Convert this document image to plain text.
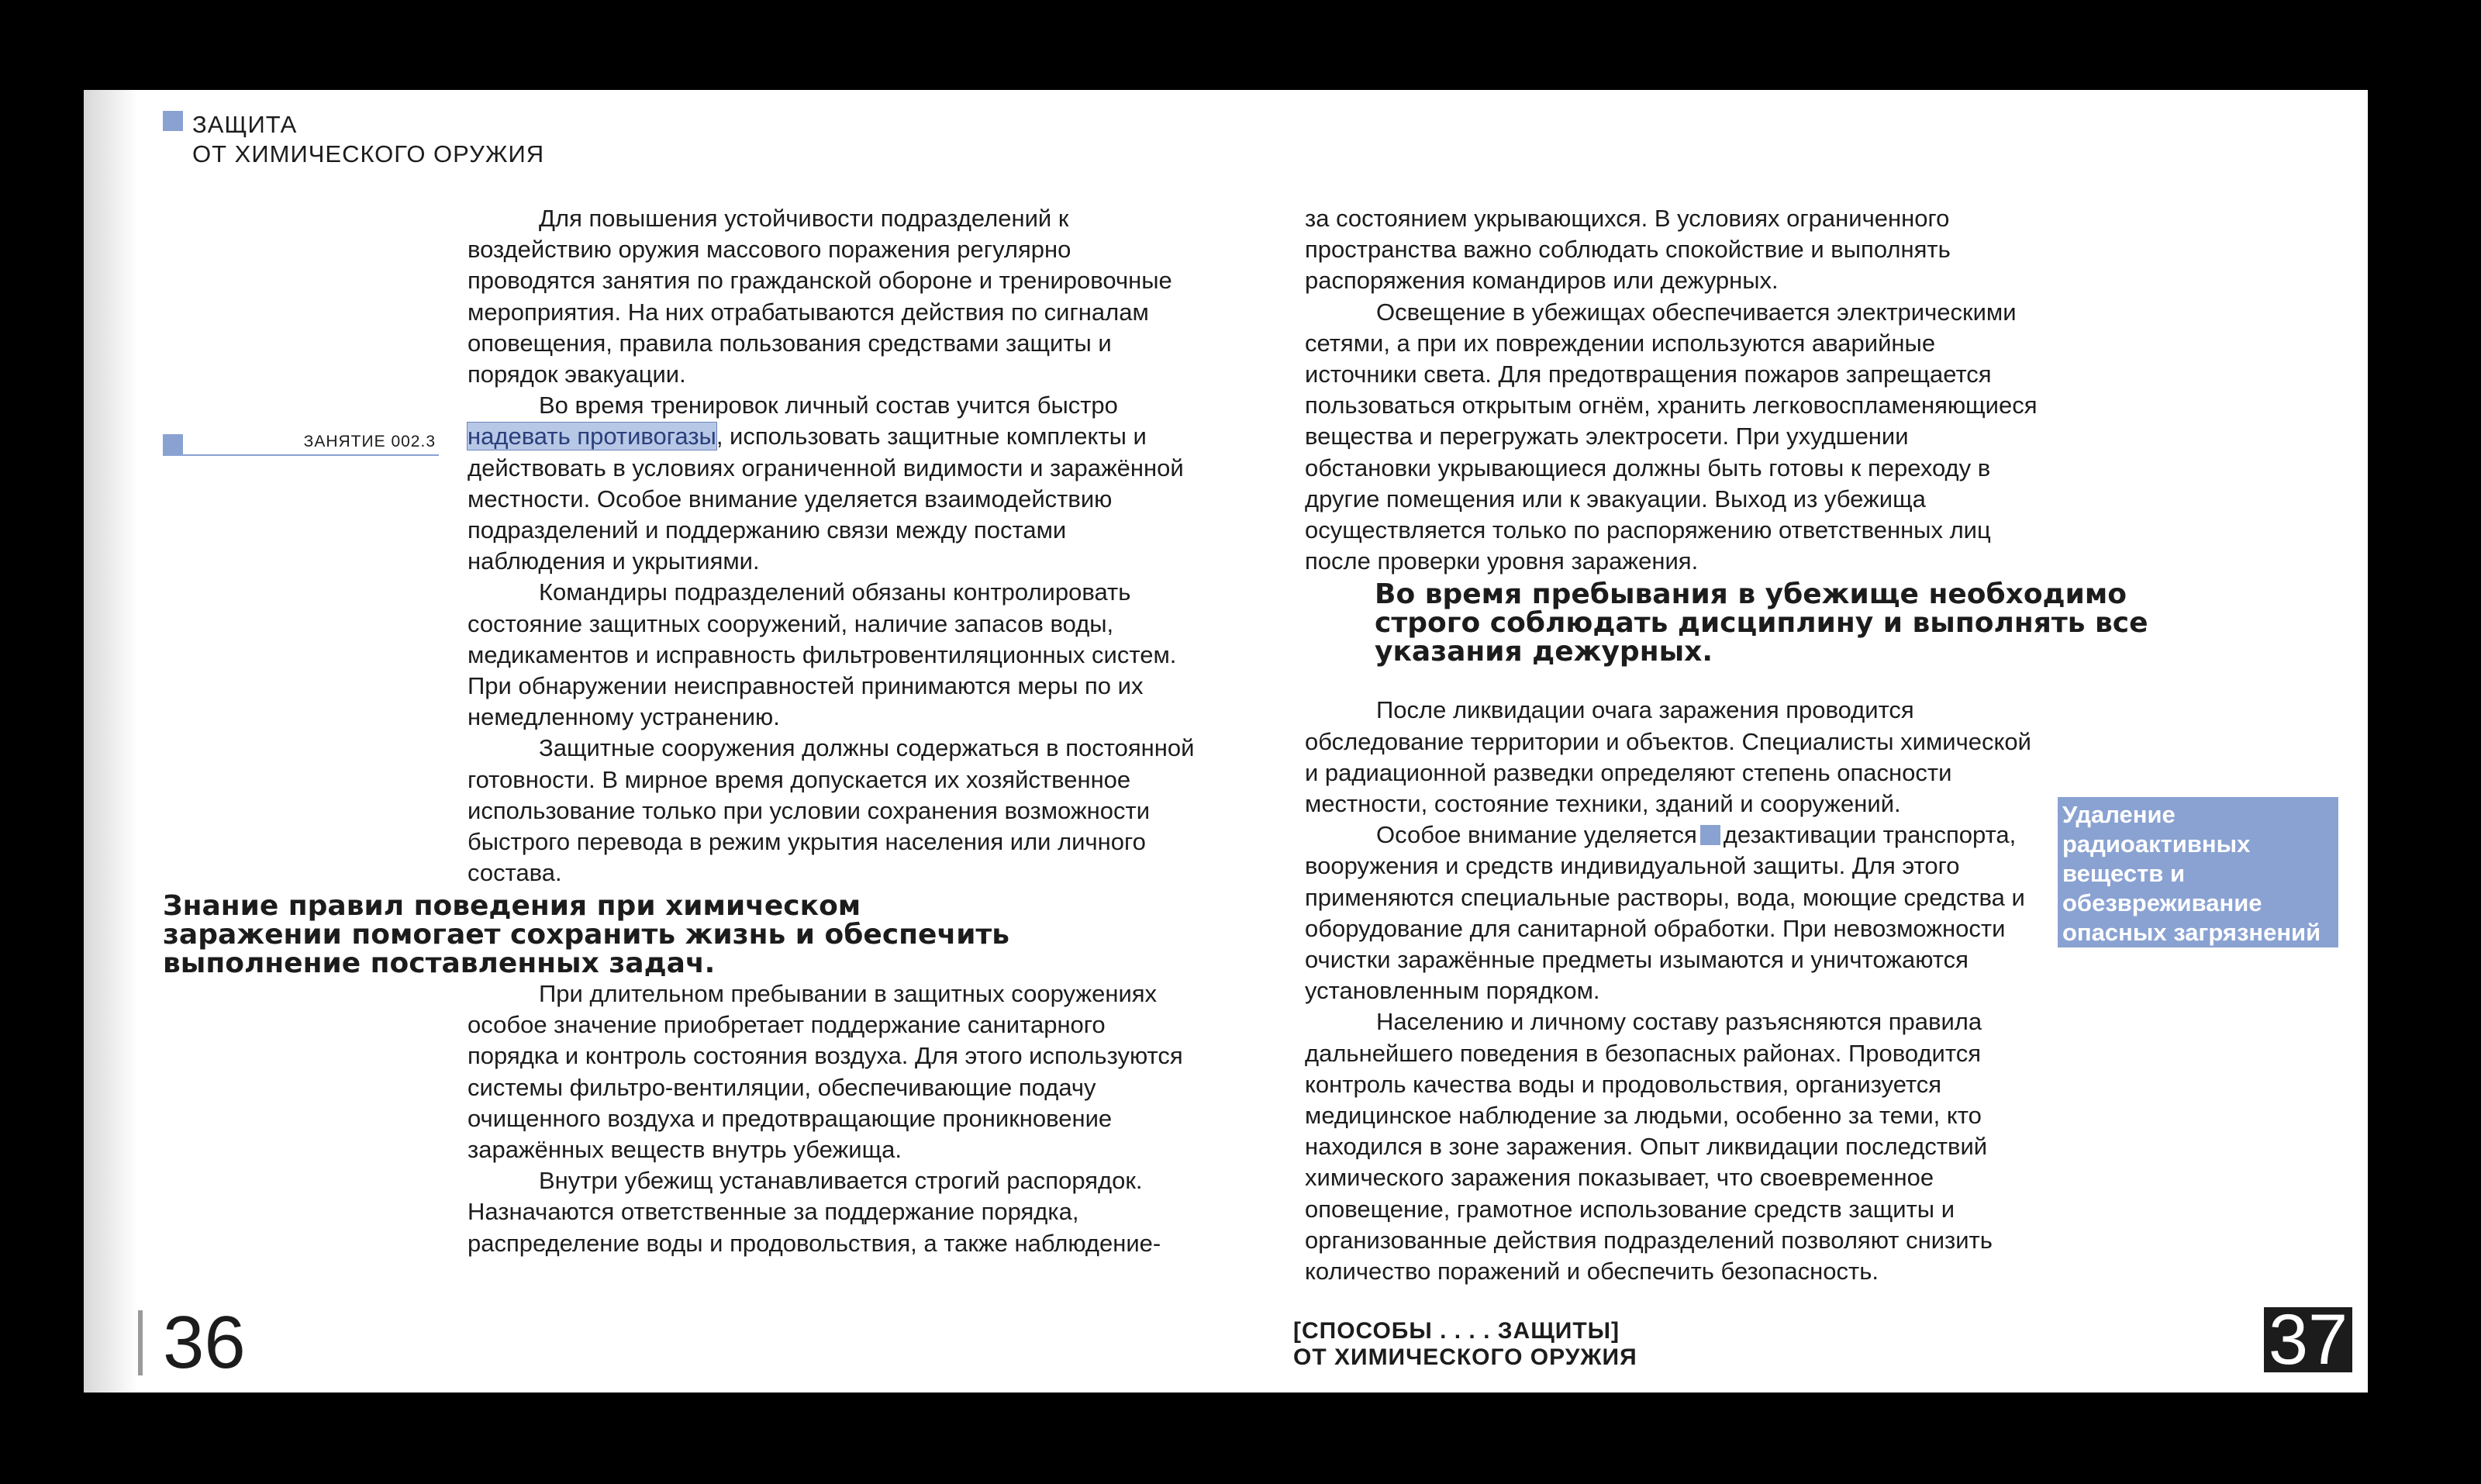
ЗАЩИТА
ОТ ХИМИЧЕСКОГО ОРУЖИЯ
ЗАНЯТИЕ 002.3

Для повышения устойчивости подразделений к воздействию оружия массового поражения регулярно проводятся занятия по гражданской обороне и тренировочные мероприятия. На них отрабатываются действия по сигналам оповещения, правила пользования средствами защиты и порядок эвакуации.

Во время тренировок личный состав учится быстро надевать противогазы, использовать защитные комплекты и действовать в условиях ограниченной видимости и заражённой местности. Особое внимание уделяется взаимодействию подразделений и поддержанию связи между постами наблюдения и укрытиями.

Командиры подразделений обязаны контролировать состояние защитных сооружений, наличие запасов воды, медикаментов и исправность фильтровентиляционных систем. При обнаружении неисправностей принимаются меры по их немедленному устранению.

Защитные сооружения должны содержаться в постоянной готовности. В мирное время допускается их хозяйственное использование только при условии сохранения возможности быстрого перевода в режим укрытия населения или личного состава.

Знание правил поведения при химическом заражении помогает сохранить жизнь и обеспечить выполнение поставленных задач.

При длительном пребывании в защитных сооружениях особое значение приобретает поддержание санитарного порядка и контроль состояния воздуха. Для этого используются системы фильтро-вентиляции, обеспечивающие подачу очищенного воздуха и предотвращающие проникновение заражённых веществ внутрь убежища.

Внутри убежищ устанавливается строгий распорядок. Назначаются ответственные за поддержание порядка, распределение воды и продовольствия, а также наблюдение-

за состоянием укрывающихся. В условиях ограниченного пространства важно соблюдать спокойствие и выполнять распоряжения командиров или дежурных.

Освещение в убежищах обеспечивается электрическими сетями, а при их повреждении используются аварийные источники света. Для предотвращения пожаров запрещается пользоваться открытым огнём, хранить легковоспламеняющиеся вещества и перегружать электросети. При ухудшении обстановки укрывающиеся должны быть готовы к переходу в другие помещения или к эвакуации. Выход из убежища осуществляется только по распоряжению ответственных лиц после проверки уровня заражения.

После ликвидации очага заражения проводится обследование территории и объектов. Специалисты химической и радиационной разведки определяют степень опасности местности, состояние техники, зданий и сооружений.

Особое внимание уделяется дезактивации транспорта, вооружения и средств индивидуальной защиты. Для этого применяются специальные растворы, вода, моющие средства и оборудование для санитарной обработки. При невозможности очистки заражённые предметы изымаются и уничтожаются установленным порядком.

Населению и личному составу разъясняются правила дальнейшего поведения в безопасных районах. Проводится контроль качества воды и продовольствия, организуется медицинское наблюдение за людьми, особенно за теми, кто находился в зоне заражения. Опыт ликвидации последствий химического заражения показывает, что своевременное оповещение, грамотное использование средств защиты и организованные действия подразделений позволяют снизить количество поражений и обеспечить безопасность.

Во время пребывания в убежище необходимо строго соблюдать дисциплину и выполнять все указания дежурных.
Удаление радиоактивных веществ и обезвреживание опасных загрязнений с поверхностей.
36	[СПОСОБЫ . . . . ЗАЩИТЫ]
ОТ ХИМИЧЕСКОГО ОРУЖИЯ	37
